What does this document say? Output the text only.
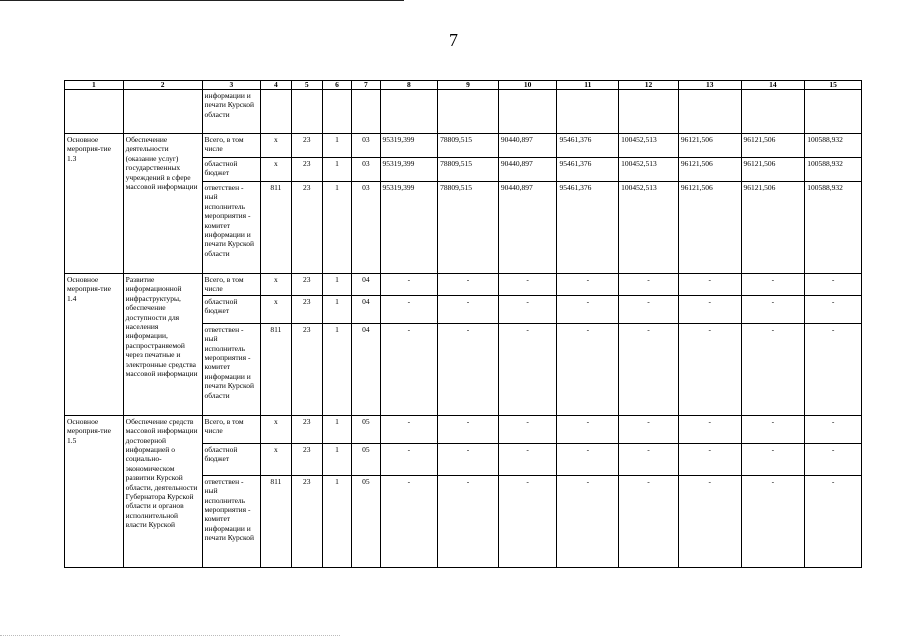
7
1	2	3	4	5	6	7	8	9	10	11	12	13	14	15
		информации и печати Курской области												
Основное мероприя-тие 1.3	Обеспечение деятельности (оказание услуг) государственных учреждений в сфере массовой информации	Всего, в том числе	х	23	1	03	95319,399	78809,515	90440,897	95461,376	100452,513	96121,506	96121,506	100588,932
		областной бюджет	х	23	1	03	95319,399	78809,515	90440,897	95461,376	100452,513	96121,506	96121,506	100588,932
		ответствен - ный исполнитель мероприятия - комитет информации и печати Курской области	811	23	1	03	95319,399	78809,515	90440,897	95461,376	100452,513	96121,506	96121,506	100588,932
Основное мероприя-тие 1.4	Развитие информационной инфраструктуры, обеспечение доступности для населения информации, распространяемой через печатные и электронные средства массовой информации	Всего, в том числе	х	23	1	04	-	-	-	-	-	-	-	-
		областной бюджет	х	23	1	04	-	-	-	-	-	-	-	-
		ответствен - ный исполнитель мероприятия - комитет информации и печати Курской области	811	23	1	04	-	-	-	-	-	-	-	-
Основное мероприя-тие 1.5	Обеспечение средств массовой информации достоверной информацией о социально-экономическом развитии Курской области, деятельности Губернатора Курской области и органов исполнительной власти Курской	Всего, в том числе	х	23	1	05	-	-	-	-	-	-	-	-
		областной бюджет	х	23	1	05	-	-	-	-	-	-	-	-
		ответствен - ный исполнитель мероприятия - комитет информации и печати Курской	811	23	1	05	-	-	-	-	-	-	-	-
